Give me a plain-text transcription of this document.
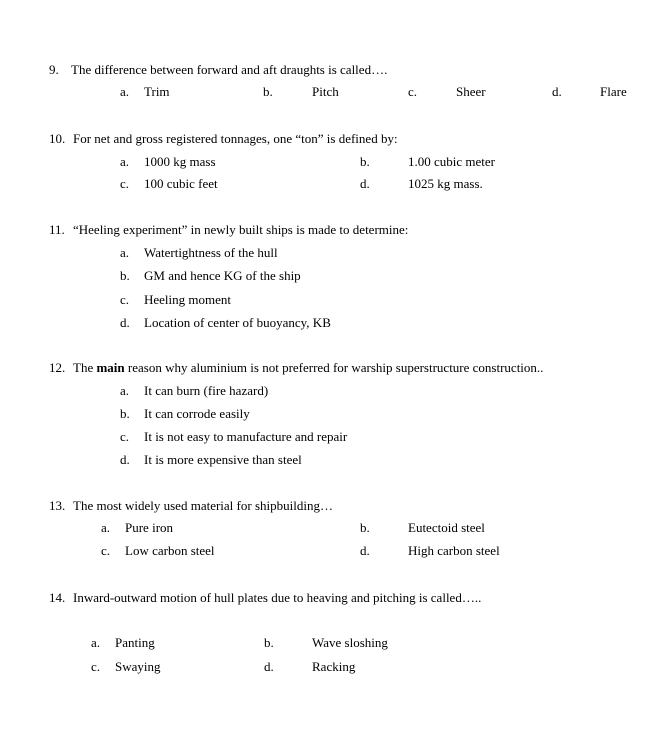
9. The difference between forward and aft draughts is called….
a. Trim	b.	Pitch	c.	Sheer	d.	Flare
10. For net and gross registered tonnages, one “ton” is defined by:
a. 1000 kg mass	b.	1.00 cubic meter
c. 100 cubic feet	d.	1025 kg mass.
11. “Heeling experiment” in newly built ships is made to determine:
a. Watertightness of the hull
b. GM and hence KG of the ship
c. Heeling moment
d. Location of center of buoyancy, KB
12. The main reason why aluminium is not preferred for warship superstructure construction..
a. It can burn (fire hazard)
b. It can corrode easily
c. It is not easy to manufacture and repair
d. It is more expensive than steel
13. The most widely used material for shipbuilding…
a. Pure iron	b.	Eutectoid steel
c. Low carbon steel	d.	High carbon steel
14. Inward-outward motion of hull plates due to heaving and pitching is called…..
a. Panting	b.	Wave sloshing
c. Swaying	d.	Racking
